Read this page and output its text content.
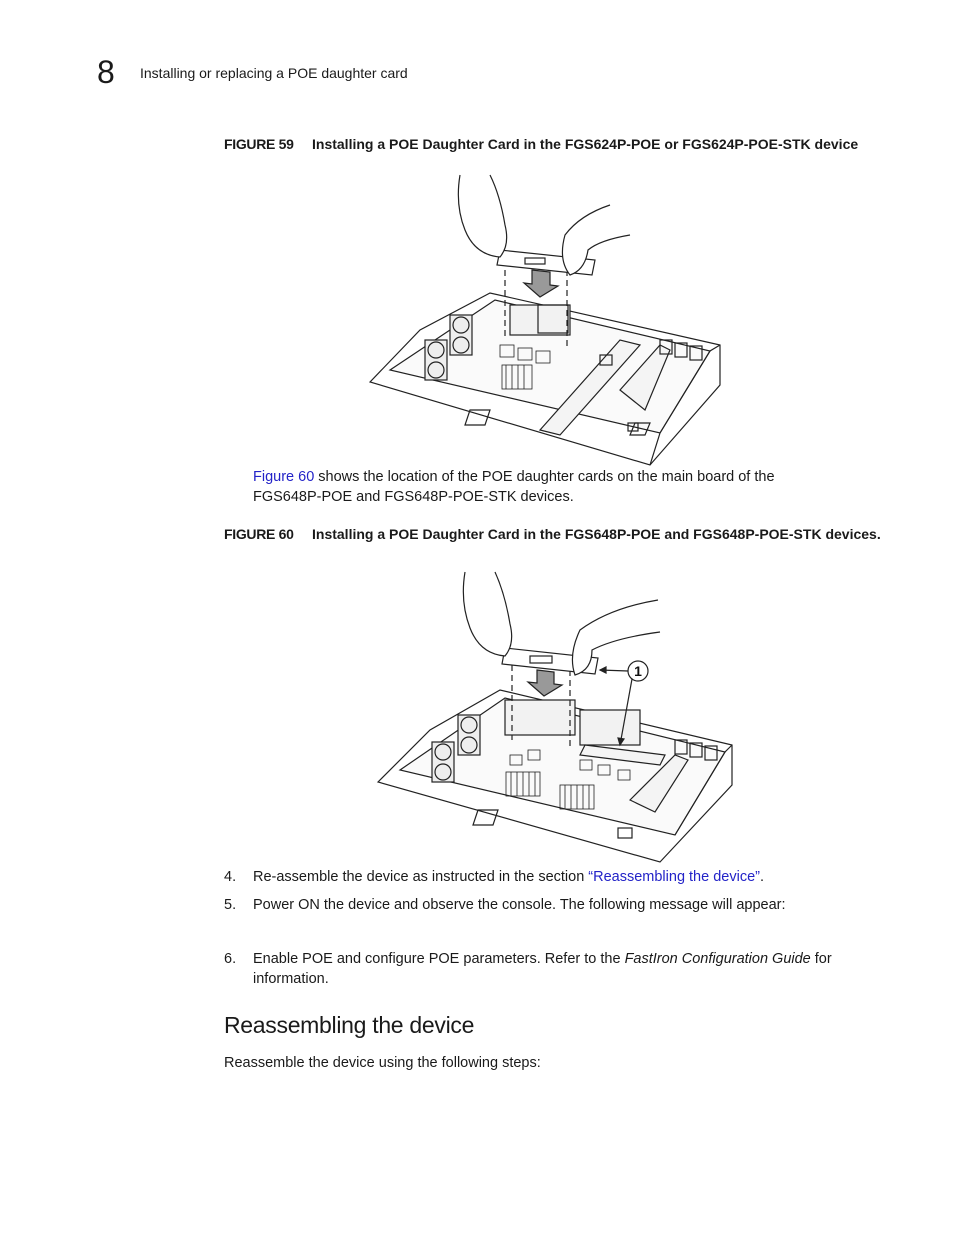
8 Installing or replacing a POE daughter card
FIGURE 59 Installing a POE Daughter Card in the FGS624P-POE or FGS624P-POE-STK device
Figure 60 shows the location of the POE daughter cards on the main board of the
FGS648P-POE and FGS648P-POE-STK devices.
FIGURE 60 Installing a POE Daughter Card in the FGS648P-POE and FGS648P-POE-STK devices.
1
4. Re-assemble the device as instructed in the section “Reassembling the device”.
5. Power ON the device and observe the console. The following message will appear:
6. Enable POE and configure POE parameters. Refer to the FastIron Configuration Guide for
information.
Reassembling the device
Reassemble the device using the following steps:
